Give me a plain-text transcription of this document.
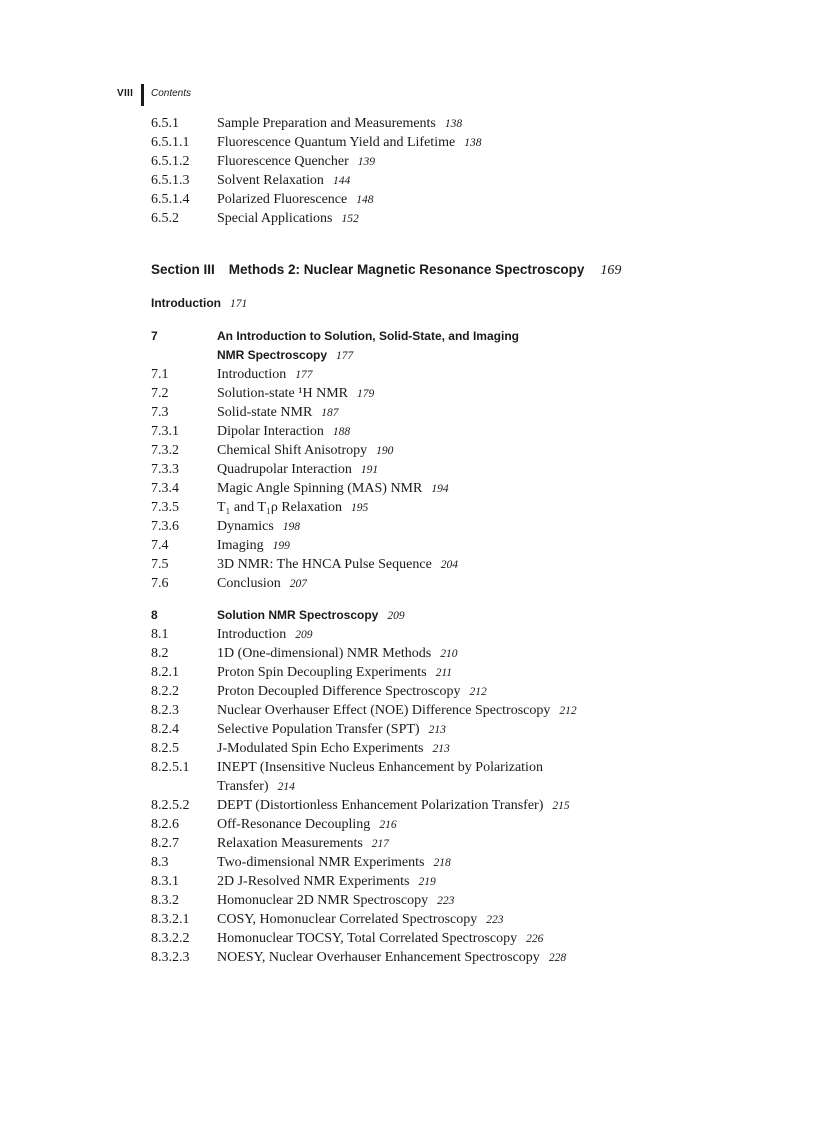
VIII Contents
6.5.1	Sample Preparation and Measurements 138
6.5.1.1 Fluorescence Quantum Yield and Lifetime 138
6.5.1.2 Fluorescence Quencher 139
6.5.1.3 Solvent Relaxation 144
6.5.1.4 Polarized Fluorescence 148
6.5.2	Special Applications 152
Section III Methods 2: Nuclear Magnetic Resonance Spectroscopy 169
Introduction 171
7	An Introduction to Solution, Solid-State, and Imaging
NMR Spectroscopy 177
7.1	Introduction 177
7.2	Solution-state ¹H NMR 179
7.3	Solid-state NMR 187
7.3.1	Dipolar Interaction 188
7.3.2	Chemical Shift Anisotropy 190
7.3.3	Quadrupolar Interaction 191
7.3.4	Magic Angle Spinning (MAS) NMR 194
7.3.5	T₁ and T₁ρ Relaxation 195
7.3.6	Dynamics 198
7.4	Imaging 199
7.5	3D NMR: The HNCA Pulse Sequence 204
7.6	Conclusion 207
8	Solution NMR Spectroscopy 209
8.1	Introduction 209
8.2	1D (One-dimensional) NMR Methods 210
8.2.1	Proton Spin Decoupling Experiments 211
8.2.2	Proton Decoupled Difference Spectroscopy 212
8.2.3	Nuclear Overhauser Effect (NOE) Difference Spectroscopy 212
8.2.4	Selective Population Transfer (SPT) 213
8.2.5	J-Modulated Spin Echo Experiments 213
8.2.5.1 INEPT (Insensitive Nucleus Enhancement by Polarization
Transfer) 214
8.2.5.2 DEPT (Distortionless Enhancement Polarization Transfer) 215
8.2.6	Off-Resonance Decoupling 216
8.2.7	Relaxation Measurements 217
8.3	Two-dimensional NMR Experiments 218
8.3.1	2D J-Resolved NMR Experiments 219
8.3.2	Homonuclear 2D NMR Spectroscopy 223
8.3.2.1 COSY, Homonuclear Correlated Spectroscopy 223
8.3.2.2 Homonuclear TOCSY, Total Correlated Spectroscopy 226
8.3.2.3 NOESY, Nuclear Overhauser Enhancement Spectroscopy 228
